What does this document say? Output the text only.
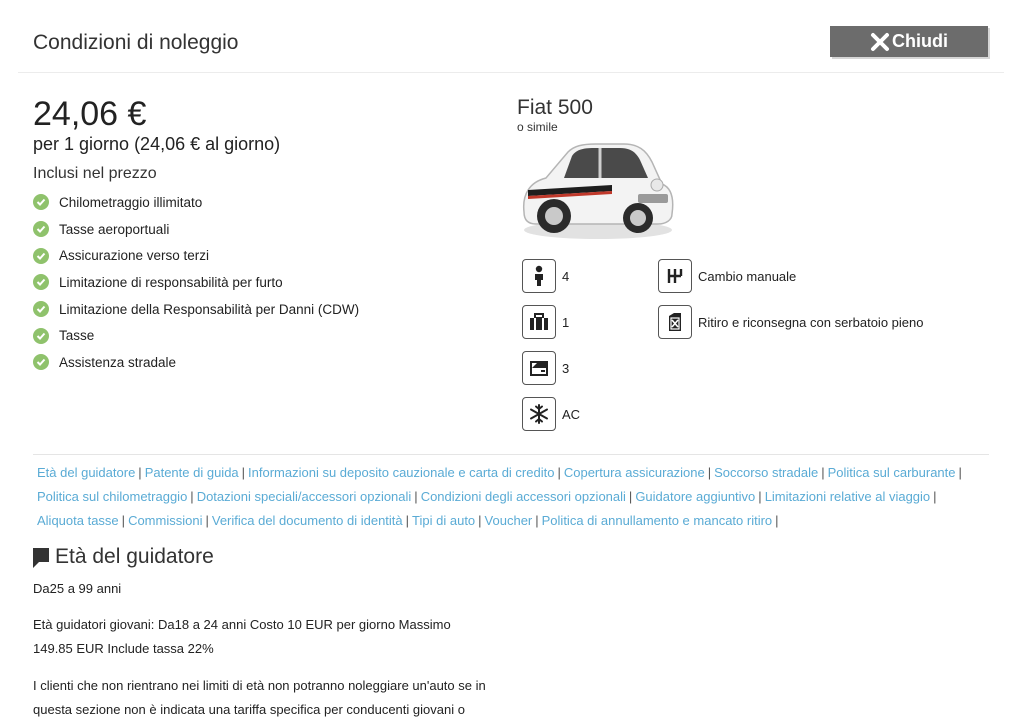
Condizioni di noleggio	Chiudi
24,06 €
per 1 giorno (24,06 € al giorno)
Inclusi nel prezzo
Chilometraggio illimitato
Tasse aeroportuali
Assicurazione verso terzi
Limitazione di responsabilità per furto
Limitazione della Responsabilità per Danni (CDW)
Tasse
Assistenza stradale
Fiat 500
o simile
4
1
3
AC
Cambio manuale
Ritiro e riconsegna con serbatoio pieno
Età del guidatore | Patente di guida | Informazioni su deposito cauzionale e carta di credito | Copertura assicurazione | Soccorso stradale | Politica sul carburante |
Politica sul chilometraggio | Dotazioni speciali/accessori opzionali | Condizioni degli accessori opzionali | Guidatore aggiuntivo | Limitazioni relative al viaggio |
Aliquota tasse | Commissioni | Verifica del documento di identità | Tipi di auto | Voucher | Politica di annullamento e mancato ritiro |
Età del guidatore
Da25 a 99 anni
Età guidatori giovani: Da18 a 24 anni Costo 10 EUR per giorno Massimo 149.85 EUR Include tassa 22%
I clienti che non rientrano nei limiti di età non potranno noleggiare un'auto se in questa sezione non è indicata una tariffa specifica per conducenti giovani o
